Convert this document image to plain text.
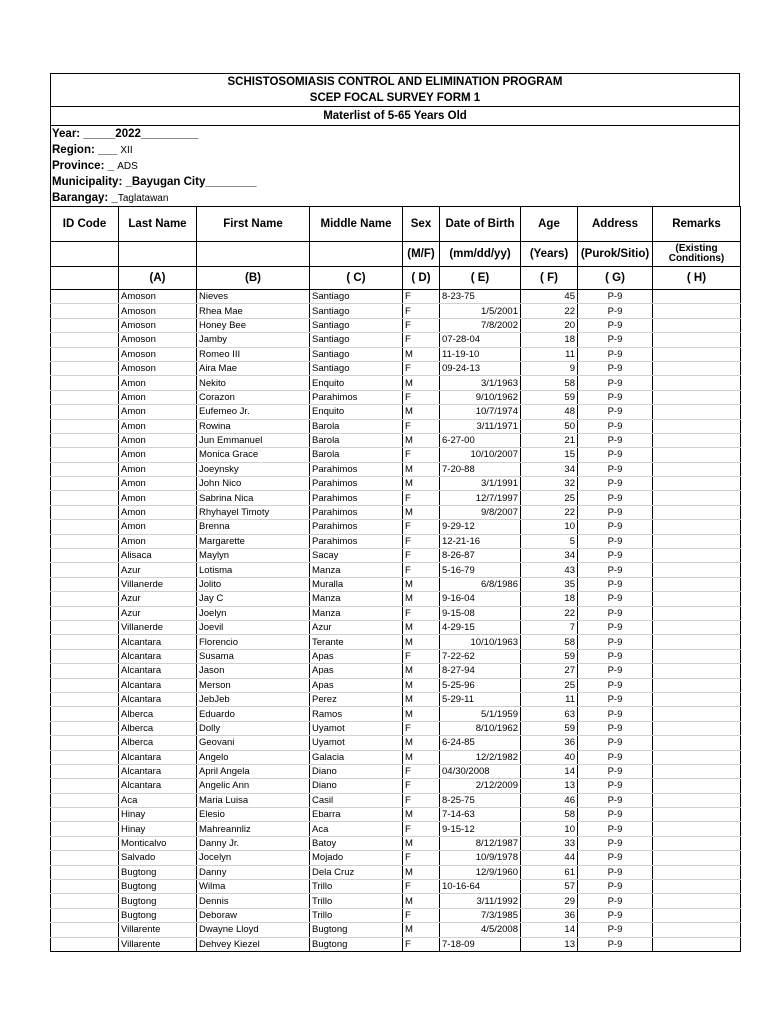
SCHISTOSOMIASIS CONTROL AND ELIMINATION PROGRAM
SCEP FOCAL SURVEY FORM 1
Materlist of 5-65 Years Old
Year: _____2022_________
Region: ___ XII
Province: _ ADS
Municipality: _Bayugan City________
Barangay: _Taglatawan
ID Code	Last Name	First Name	Middle Name	Sex	Date of Birth	Age	Address	Remarks
				(M/F)	(mm/dd/yy)	(Years)	(Purok/Sitio)	(Existing Conditions)
	(A)	(B)	( C)	( D)	( E)	( F)	( G)	( H)
	Amoson	Nieves	Santiago	F	8-23-75	45	P-9	
	Amoson	Rhea Mae	Santiago	F	1/5/2001	22	P-9	
	Amoson	Honey Bee	Santiago	F	7/8/2002	20	P-9	
	Amoson	Jamby	Santiago	F	07-28-04	18	P-9	
	Amoson	Romeo III	Santiago	M	11-19-10	11	P-9	
	Amoson	Aira Mae	Santiago	F	09-24-13	9	P-9	
	Amon	Nekito	Enquito	M	3/1/1963	58	P-9	
	Amon	Corazon	Parahimos	F	9/10/1962	59	P-9	
	Amon	Eufemeo Jr.	Enquito	M	10/7/1974	48	P-9	
	Amon	Rowina	Barola	F	3/11/1971	50	P-9	
	Amon	Jun Emmanuel	Barola	M	6-27-00	21	P-9	
	Amon	Monica Grace	Barola	F	10/10/2007	15	P-9	
	Amon	Joeynsky	Parahimos	M	7-20-88	34	P-9	
	Amon	John Nico	Parahimos	M	3/1/1991	32	P-9	
	Amon	Sabrina Nica	Parahimos	F	12/7/1997	25	P-9	
	Amon	Rhyhayel Timoty	Parahimos	M	9/8/2007	22	P-9	
	Amon	Brenna	Parahimos	F	9-29-12	10	P-9	
	Amon	Margarette	Parahimos	F	12-21-16	5	P-9	
	Alisaca	Maylyn	Sacay	F	8-26-87	34	P-9	
	Azur	Lotisma	Manza	F	5-16-79	43	P-9	
	Villanerde	Jolito	Muralla	M	6/8/1986	35	P-9	
	Azur	Jay C	Manza	M	9-16-04	18	P-9	
	Azur	Joelyn	Manza	F	9-15-08	22	P-9	
	Villanerde	Joevil	Azur	M	4-29-15	7	P-9	
	Alcantara	Florencio	Terante	M	10/10/1963	58	P-9	
	Alcantara	Susama	Apas	F	7-22-62	59	P-9	
	Alcantara	Jason	Apas	M	8-27-94	27	P-9	
	Alcantara	Merson	Apas	M	5-25-96	25	P-9	
	Alcantara	JebJeb	Perez	M	5-29-11	11	P-9	
	Alberca	Eduardo	Ramos	M	5/1/1959	63	P-9	
	Alberca	Dolly	Uyamot	F	8/10/1962	59	P-9	
	Alberca	Geovani	Uyamot	M	6-24-85	36	P-9	
	Alcantara	Angelo	Galacia	M	12/2/1982	40	P-9	
	Alcantara	April Angela	Diano	F	04/30/2008	14	P-9	
	Alcantara	Angelic Ann	Diano	F	2/12/2009	13	P-9	
	Aca	Maria Luisa	Casil	F	8-25-75	46	P-9	
	Hinay	Elesio	Ebarra	M	7-14-63	58	P-9	
	Hinay	Mahreannliz	Aca	F	9-15-12	10	P-9	
	Monticalvo	Danny Jr.	Batoy	M	8/12/1987	33	P-9	
	Salvado	Jocelyn	Mojado	F	10/9/1978	44	P-9	
	Bugtong	Danny	Dela Cruz	M	12/9/1960	61	P-9	
	Bugtong	Wilma	Trillo	F	10-16-64	57	P-9	
	Bugtong	Dennis	Trillo	M	3/11/1992	29	P-9	
	Bugtong	Deboraw	Trillo	F	7/3/1985	36	P-9	
	Villarente	Dwayne Lloyd	Bugtong	M	4/5/2008	14	P-9	
	Villarente	Dehvey Kiezel	Bugtong	F	7-18-09	13	P-9	
